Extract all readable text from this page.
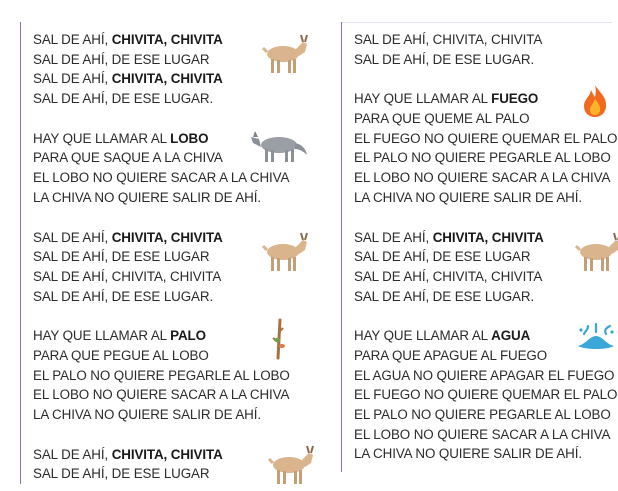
SAL DE AHÍ, CHIVITA, CHIVITA
SAL DE AHÍ, DE ESE LUGAR
SAL DE AHÍ, CHIVITA, CHIVITA
SAL DE AHÍ, DE ESE LUGAR.
HAY QUE LLAMAR AL LOBO
PARA QUE SAQUE A LA CHIVA
EL LOBO NO QUIERE SACAR A LA CHIVA
LA CHIVA NO QUIERE SALIR DE AHÍ.
SAL DE AHÍ, CHIVITA, CHIVITA
SAL DE AHÍ, DE ESE LUGAR
SAL DE AHÍ, CHIVITA, CHIVITA
SAL DE AHÍ, DE ESE LUGAR.
HAY QUE LLAMAR AL PALO
PARA QUE PEGUE AL LOBO
EL PALO NO QUIERE PEGARLE AL LOBO
EL LOBO NO QUIERE SACAR A LA CHIVA
LA CHIVA NO QUIERE SALIR DE AHÍ.
SAL DE AHÍ, CHIVITA, CHIVITA
SAL DE AHÍ, DE ESE LUGAR
SAL DE AHÍ, CHIVITA, CHIVITA
SAL DE AHÍ, DE ESE LUGAR.
HAY QUE LLAMAR AL FUEGO
PARA QUE QUEME AL PALO
EL FUEGO NO QUIERE QUEMAR EL PALO
EL PALO NO QUIERE PEGARLE AL LOBO
EL LOBO NO QUIERE SACAR A LA CHIVA
LA CHIVA NO QUIERE SALIR DE AHÍ.
SAL DE AHÍ, CHIVITA, CHIVITA
SAL DE AHÍ, DE ESE LUGAR
SAL DE AHÍ, CHIVITA, CHIVITA
SAL DE AHÍ, DE ESE LUGAR.
HAY QUE LLAMAR AL AGUA
PARA QUE APAGUE AL FUEGO
EL AGUA NO QUIERE APAGAR EL FUEGO
EL FUEGO NO QUIERE QUEMAR EL PALO
EL PALO NO QUIERE PEGARLE AL LOBO
EL LOBO NO QUIERE SACAR A LA CHIVA
LA CHIVA NO QUIERE SALIR DE AHÍ.
